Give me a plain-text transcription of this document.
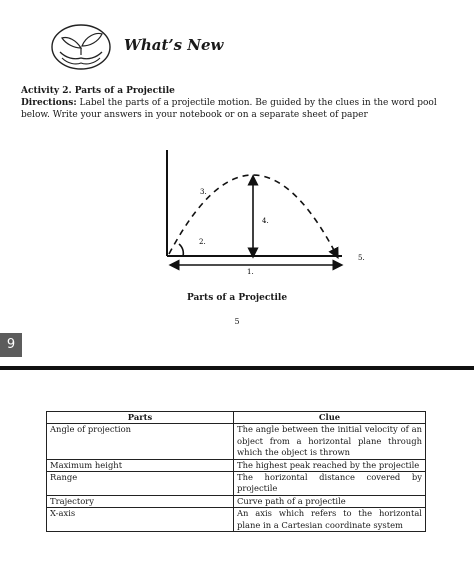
What’s New
Activity 2. Parts of a Projectile
Directions: Label the parts of a projectile motion. Be guided by the clues in the word pool below. Write your answers in your notebook or on a separate sheet of paper
1.
2.
3.
4.
5.
Parts of a Projectile
5
9
Parts	Clue
Angle of projection	The angle between the initial velocity of an object from a horizontal plane through which the object is thrown
Maximum height	The highest peak reached by the projectile
Range	The horizontal distance covered by projectile
Trajectory	Curve path of a projectile
X-axis	An axis which refers to the horizontal plane in a Cartesian coordinate system
